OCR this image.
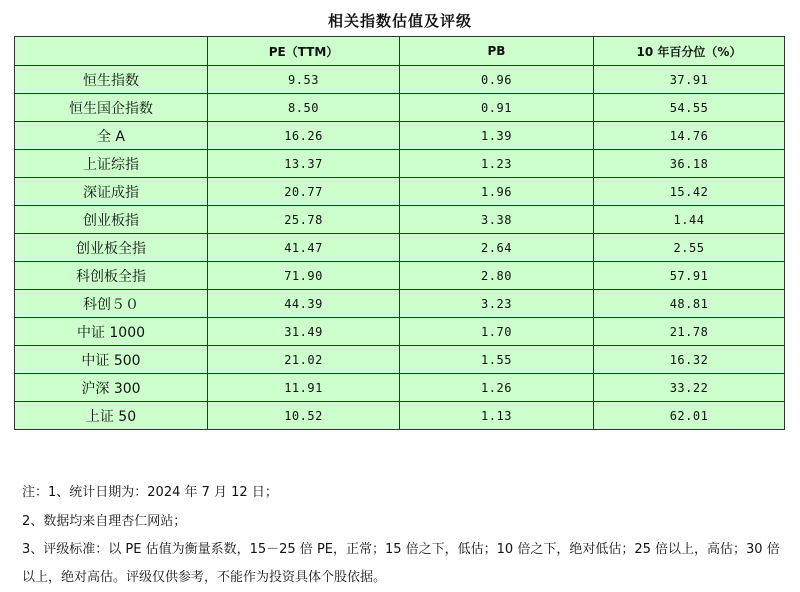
相关指数估值及评级
	PE（TTM）	PB	10 年百分位（%）
恒生指数	9.53	0.96	37.91
恒生国企指数	8.50	0.91	54.55
全 A	16.26	1.39	14.76
上证综指	13.37	1.23	36.18
深证成指	20.77	1.96	15.42
创业板指	25.78	3.38	1.44
创业板全指	41.47	2.64	2.55
科创板全指	71.90	2.80	57.91
科创５０	44.39	3.23	48.81
中证 1000	31.49	1.70	21.78
中证 500	21.02	1.55	16.32
沪深 300	11.91	1.26	33.22
上证 50	10.52	1.13	62.01

注：1、统计日期为：2024 年 7 月 12 日；

2、数据均来自理杏仁网站；

3、评级标准：以 PE 估值为衡量系数，15－25 倍 PE，正常；15 倍之下，低估；10 倍之下，绝对低估；25 倍以上，高估；30 倍以上，绝对高估。评级仅供参考，不能作为投资具体个股依据。
